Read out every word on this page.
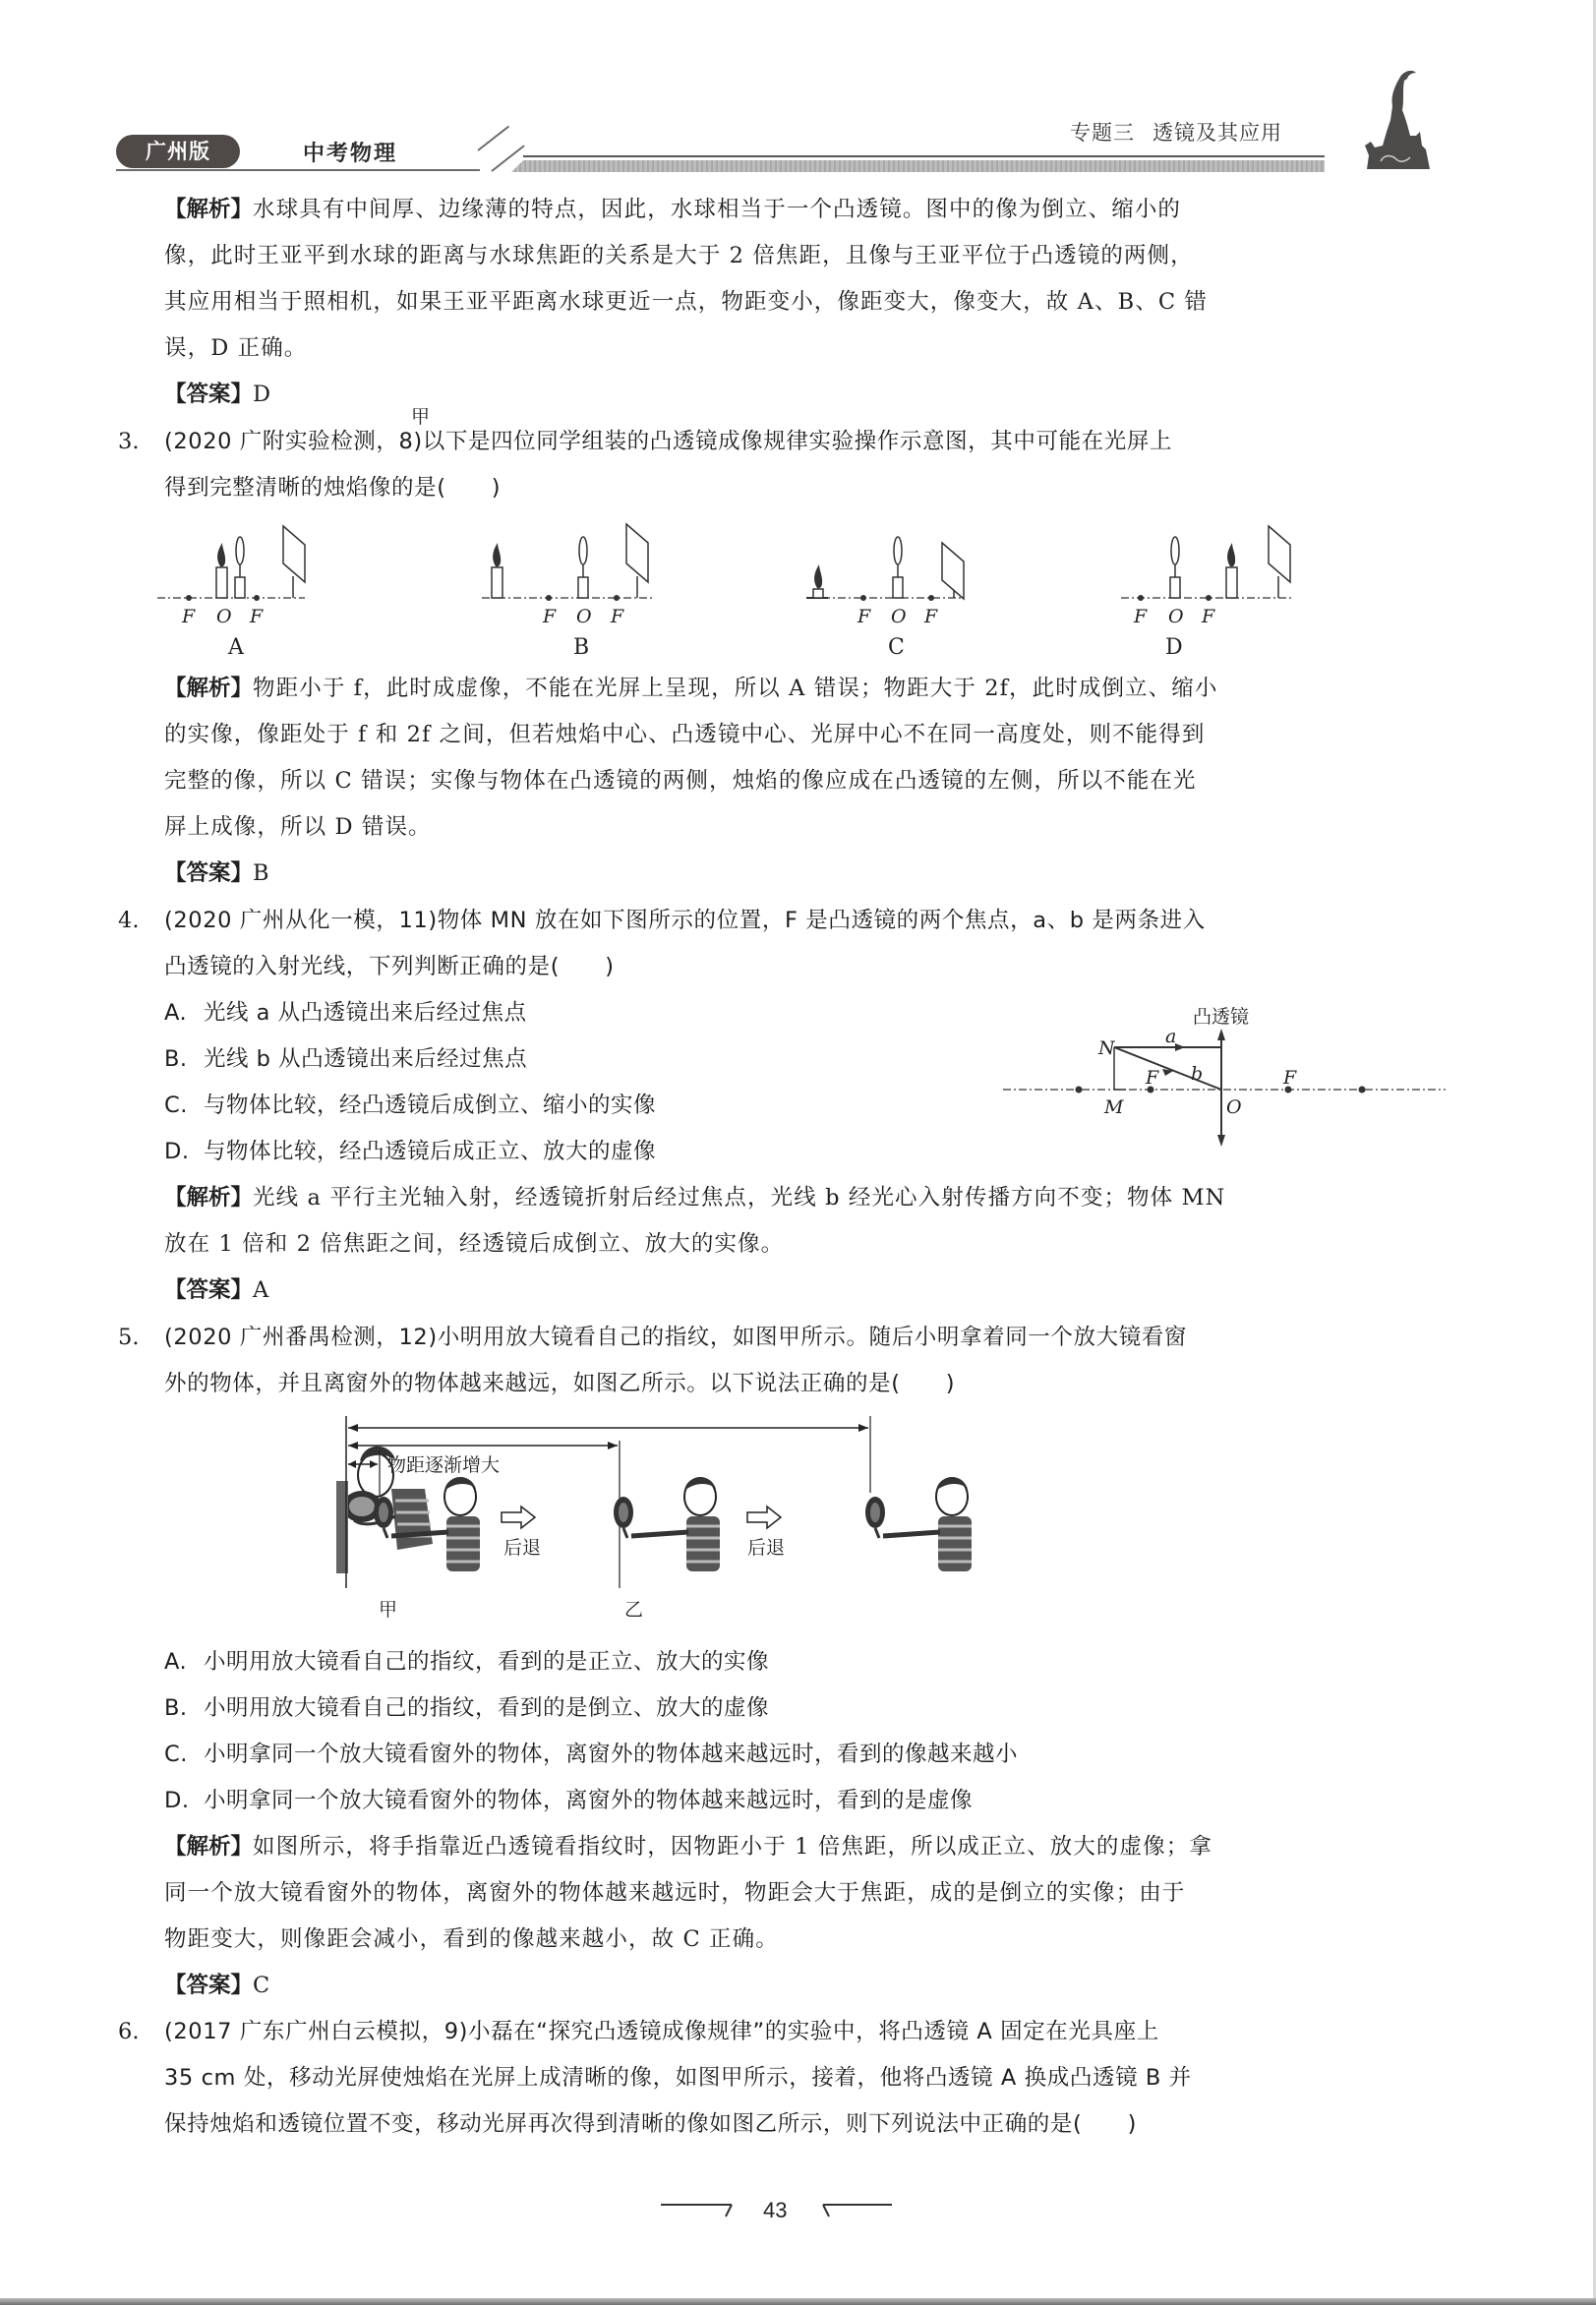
广州版	中考物理
专题三 透镜及其应用
【解析】水球具有中间厚、边缘薄的特点，因此，水球相当于一个凸透镜。图中的像为倒立、缩小的
像，此时王亚平到水球的距离与水球焦距的关系是大于 2 倍焦距，且像与王亚平位于凸透镜的两侧，
其应用相当于照相机，如果王亚平距离水球更近一点，物距变小，像距变大，像变大，故 A、B、C 错
误，D 正确。
【答案】D
3. (2020 广附实验检测，8)以下是四位同学组装的凸透镜成像规律实验操作示意图，其中可能在光屏上
得到完整清晰的烛焰像的是(　　)
F O F
A
F O F
B
F O F
C
F O F
D
【解析】物距小于 f，此时成虚像，不能在光屏上呈现，所以 A 错误；物距大于 2f，此时成倒立、缩小
的实像，像距处于 f 和 2f 之间，但若烛焰中心、凸透镜中心、光屏中心不在同一高度处，则不能得到
完整的像，所以 C 错误；实像与物体在凸透镜的两侧，烛焰的像应成在凸透镜的左侧，所以不能在光
屏上成像，所以 D 错误。
【答案】B
4. (2020 广州从化一模，11)物体 MN 放在如下图所示的位置，F 是凸透镜的两个焦点，a、b 是两条进入
凸透镜的入射光线，下列判断正确的是(　　)
A. 光线 a 从凸透镜出来后经过焦点
B. 光线 b 从凸透镜出来后经过焦点
C. 与物体比较，经凸透镜后成倒立、缩小的实像
D. 与物体比较，经凸透镜后成正立、放大的虚像
凸透镜
N
M
a
b
F	F
O
【解析】光线 a 平行主光轴入射，经透镜折射后经过焦点，光线 b 经光心入射传播方向不变；物体 MN
放在 1 倍和 2 倍焦距之间，经透镜后成倒立、放大的实像。
【答案】A
5. (2020 广州番禺检测，12)小明用放大镜看自己的指纹，如图甲所示。随后小明拿着同一个放大镜看窗
外的物体，并且离窗外的物体越来越远，如图乙所示。以下说法正确的是(　　)
甲
甲
物距逐渐增大
后退	后退
乙
A. 小明用放大镜看自己的指纹，看到的是正立、放大的实像
B. 小明用放大镜看自己的指纹，看到的是倒立、放大的虚像
C. 小明拿同一个放大镜看窗外的物体，离窗外的物体越来越远时，看到的像越来越小
D. 小明拿同一个放大镜看窗外的物体，离窗外的物体越来越远时，看到的是虚像
【解析】如图所示，将手指靠近凸透镜看指纹时，因物距小于 1 倍焦距，所以成正立、放大的虚像；拿
同一个放大镜看窗外的物体，离窗外的物体越来越远时，物距会大于焦距，成的是倒立的实像；由于
物距变大，则像距会减小，看到的像越来越小，故 C 正确。
【答案】C
6. (2017 广东广州白云模拟，9)小磊在“探究凸透镜成像规律”的实验中，将凸透镜 A 固定在光具座上
35 cm 处，移动光屏使烛焰在光屏上成清晰的像，如图甲所示，接着，他将凸透镜 A 换成凸透镜 B 并
保持烛焰和透镜位置不变，移动光屏再次得到清晰的像如图乙所示，则下列说法中正确的是(　　)
43
